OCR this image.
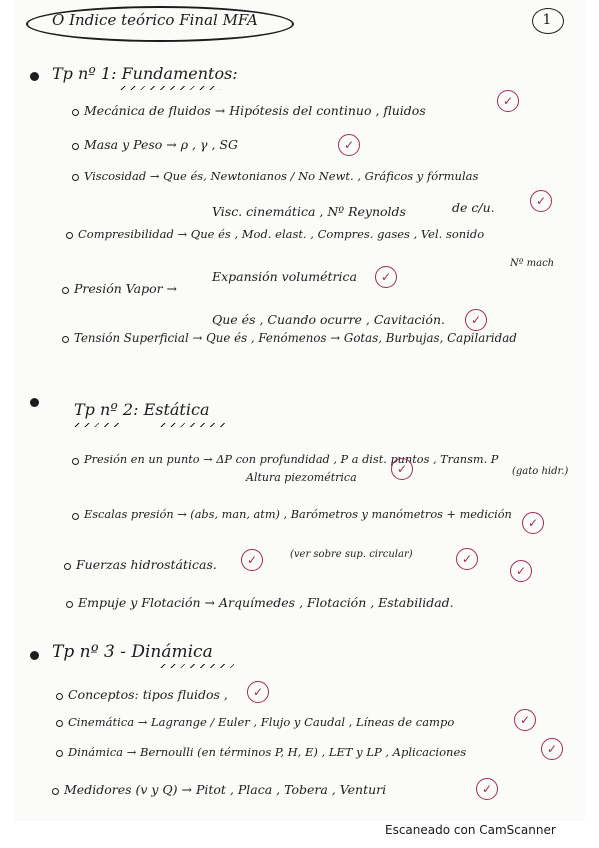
O Indice teórico Final MFA	1
Tp nº 1: Fundamentos:
Mecánica de fluidos → Hipótesis del continuo , fluidos
✓
Masa y Peso → ρ , γ , SG	✓
Viscosidad → Que és, Newtonianos / No Newt. , Gráficos y fórmulas
Visc. cinemática , Nº Reynolds	de c/u.	✓
Compresibilidad → Que és , Mod. elast. , Compres. gases , Vel. sonido
Expansión volumétrica
Nº mach
✓
Presión Vapor →
Que és , Cuando ocurre , Cavitación.	✓
Tensión Superficial → Que és , Fenómenos → Gotas, Burbujas, Capilaridad
Tp nº 2: Estática
Presión en un punto → ΔP con profundidad , P a dist. puntos , Transm. P
Altura piezométrica	(gato hidr.)
✓
Escalas presión → (abs, man, atm) , Barómetros y manómetros + medición
✓
Fuerzas hidrostáticas.	✓	(ver sobre sup. circular)	✓
Empuje y Flotación → Arquímedes , Flotación , Estabilidad.
✓
Tp nº 3 - Dinámica
Conceptos: tipos fluidos ,	✓
Cinemática → Lagrange / Euler , Flujo y Caudal , Líneas de campo	✓
Dinámica → Bernoulli (en términos P, H, E) , LET y LP , Aplicaciones	✓
Medidores (v y Q) → Pitot , Placa , Tobera , Venturi	✓
Escaneado con CamScanner
